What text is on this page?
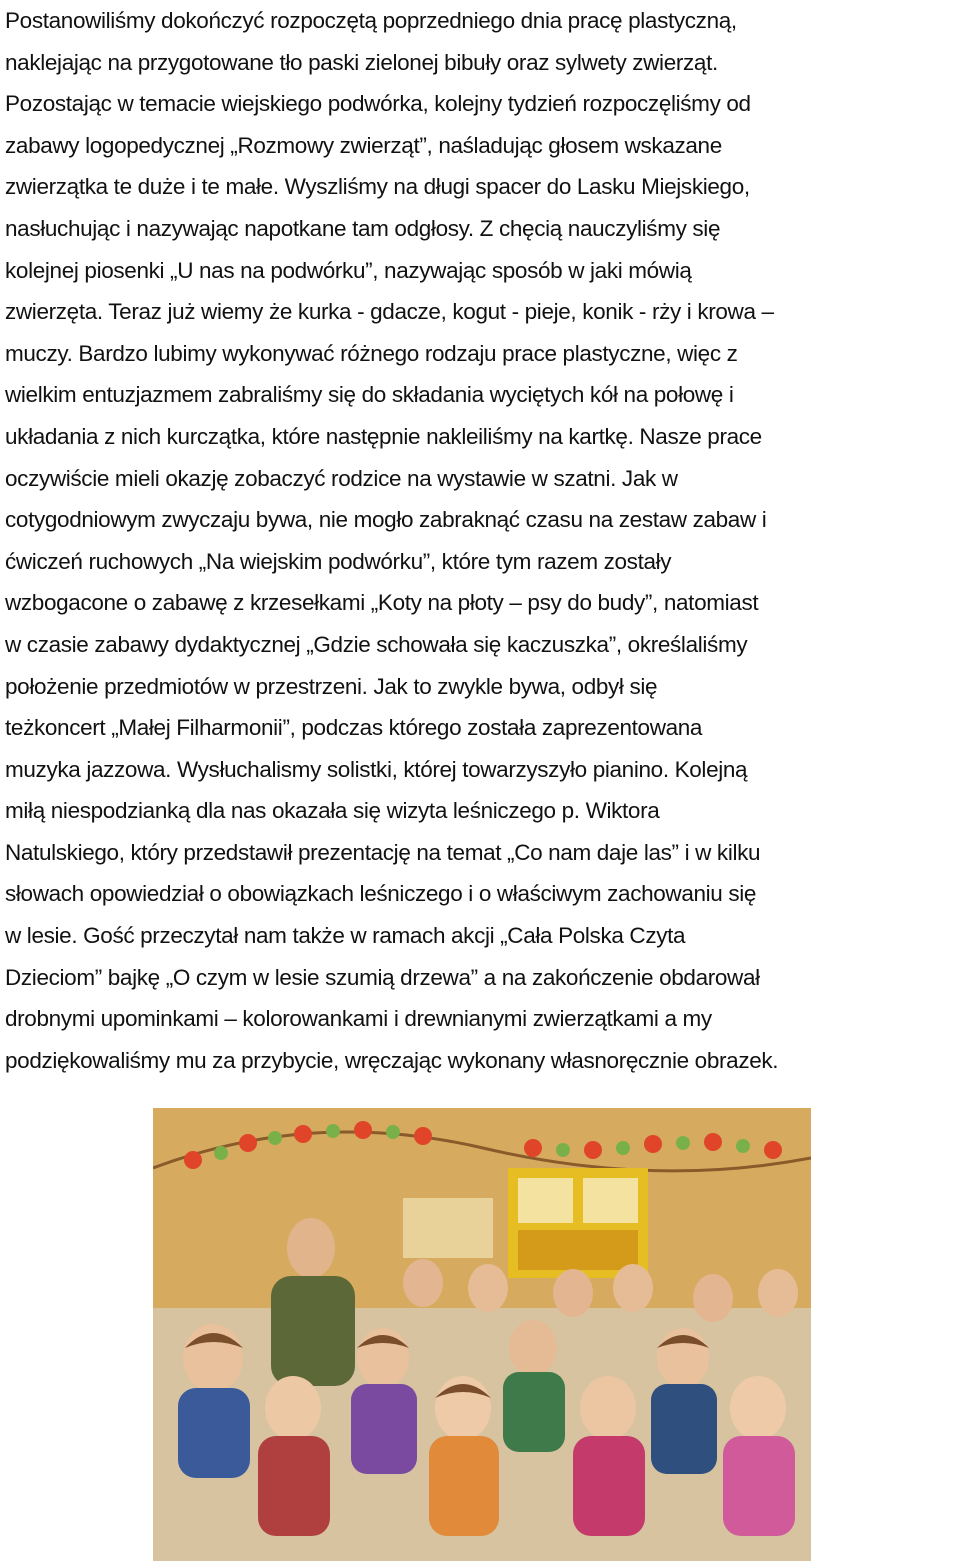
Postanowiliśmy dokończyć rozpoczętą poprzedniego dnia pracę plastyczną,
naklejając na przygotowane tło paski zielonej bibuły oraz sylwety zwierząt.
Pozostając w temacie wiejskiego podwórka, kolejny tydzień rozpoczęliśmy od
zabawy logopedycznej „Rozmowy zwierząt”, naśladując głosem wskazane
zwierzątka te duże i te małe. Wyszliśmy na długi spacer do Lasku Miejskiego,
nasłuchując i nazywając napotkane tam odgłosy. Z chęcią nauczyliśmy się
kolejnej piosenki „U nas na podwórku”, nazywając sposób w jaki mówią
zwierzęta. Teraz już wiemy że kurka - gdacze, kogut - pieje, konik - rży i krowa –
muczy. Bardzo lubimy wykonywać różnego rodzaju prace plastyczne, więc z
wielkim entuzjazmem zabraliśmy się do składania wyciętych kół na połowę i
układania z nich kurczątka, które następnie nakleiliśmy na kartkę. Nasze prace
oczywiście mieli okazję zobaczyć rodzice na wystawie w szatni. Jak w
cotygodniowym zwyczaju bywa, nie mogło zabraknąć czasu na zestaw zabaw i
ćwiczeń ruchowych „Na wiejskim podwórku”, które tym razem zostały
wzbogacone o zabawę z krzesełkami „Koty na płoty – psy do budy”, natomiast
w czasie zabawy dydaktycznej „Gdzie schowała się kaczuszka”, określaliśmy
położenie przedmiotów w przestrzeni. Jak to zwykle bywa, odbył się
teżkoncert „Małej Filharmonii”, podczas którego została zaprezentowana
muzyka jazzowa. Wysłuchalismy solistki, której towarzyszyło pianino. Kolejną
miłą niespodzianką dla nas okazała się wizyta leśniczego p. Wiktora
Natulskiego, który przedstawił prezentację na temat „Co nam daje las” i w kilku
słowach opowiedział o obowiązkach leśniczego i o właściwym zachowaniu się
w lesie. Gość przeczytał nam także w ramach akcji „Cała Polska Czyta
Dzieciom” bajkę „O czym w lesie szumią drzewa” a na zakończenie obdarował
drobnymi upominkami – kolorowankami i drewnianymi zwierzątkami a my
podziękowaliśmy mu za przybycie, wręczając wykonany własnoręcznie obrazek.
